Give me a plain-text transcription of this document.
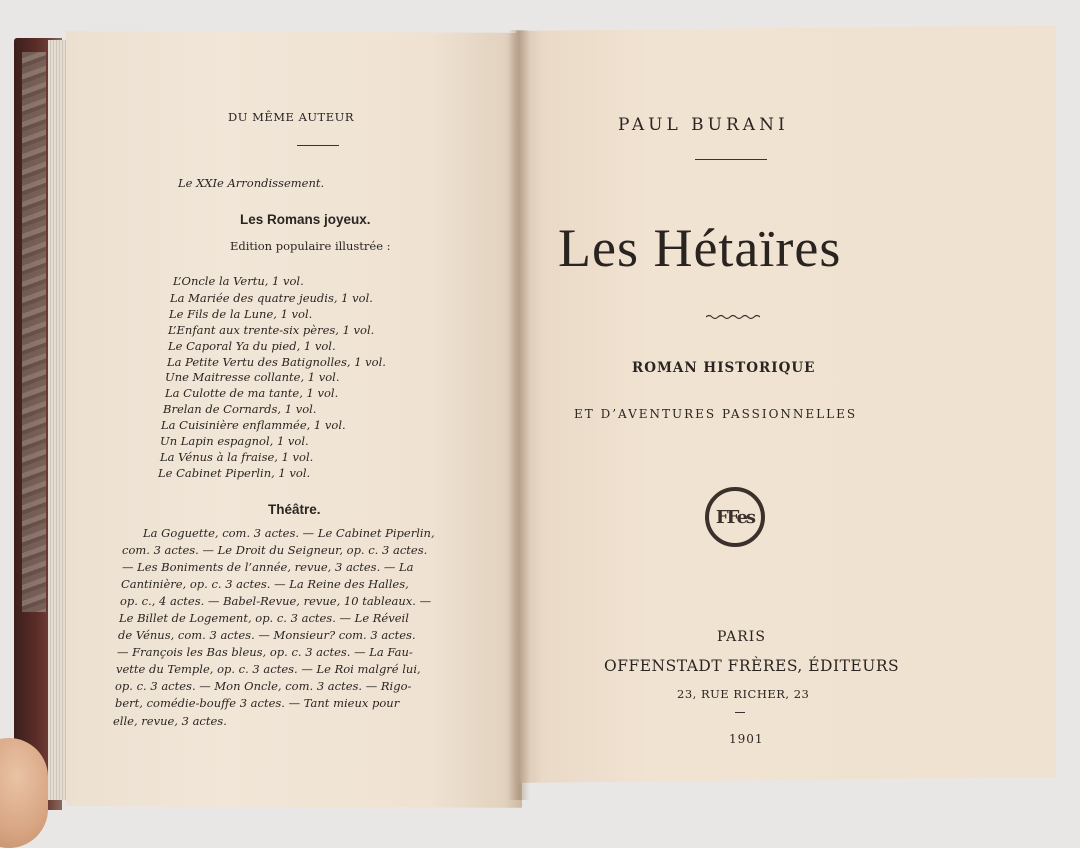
DU MÊME AUTEUR
Le XXIe Arrondissement.
Les Romans joyeux.
Edition populaire illustrée :
L’Oncle la Vertu, 1 vol.
La Mariée des quatre jeudis, 1 vol.
Le Fils de la Lune, 1 vol.
L’Enfant aux trente-six pères, 1 vol.
Le Caporal Ya du pied, 1 vol.
La Petite Vertu des Batignolles, 1 vol.
Une Maitresse collante, 1 vol.
La Culotte de ma tante, 1 vol.
Brelan de Cornards, 1 vol.
La Cuisinière enflammée, 1 vol.
Un Lapin espagnol, 1 vol.
La Vénus à la fraise, 1 vol.
Le Cabinet Piperlin, 1 vol.
Théâtre.
La Goguette, com. 3 actes. — Le Cabinet Piperlin,
com. 3 actes. — Le Droit du Seigneur, op. c. 3 actes.
— Les Boniments de l’année, revue, 3 actes. — La
Cantinière, op. c. 3 actes. — La Reine des Halles,
op. c., 4 actes. — Babel-Revue, revue, 10 tableaux. —
Le Billet de Logement, op. c. 3 actes. — Le Réveil
de Vénus, com. 3 actes. — Monsieur? com. 3 actes.
— François les Bas bleus, op. c. 3 actes. — La Fau-
vette du Temple, op. c. 3 actes. — Le Roi malgré lui,
op. c. 3 actes. — Mon Oncle, com. 3 actes. — Rigo-
bert, comédie-bouffe 3 actes. — Tant mieux pour
elle, revue, 3 actes.
PAUL BURANI
Les Hétaïres
ROMAN HISTORIQUE
ET D’AVENTURES PASSIONNELLES
FFes
PARIS
OFFENSTADT FRÈRES, ÉDITEURS
23, RUE RICHER, 23
1901
